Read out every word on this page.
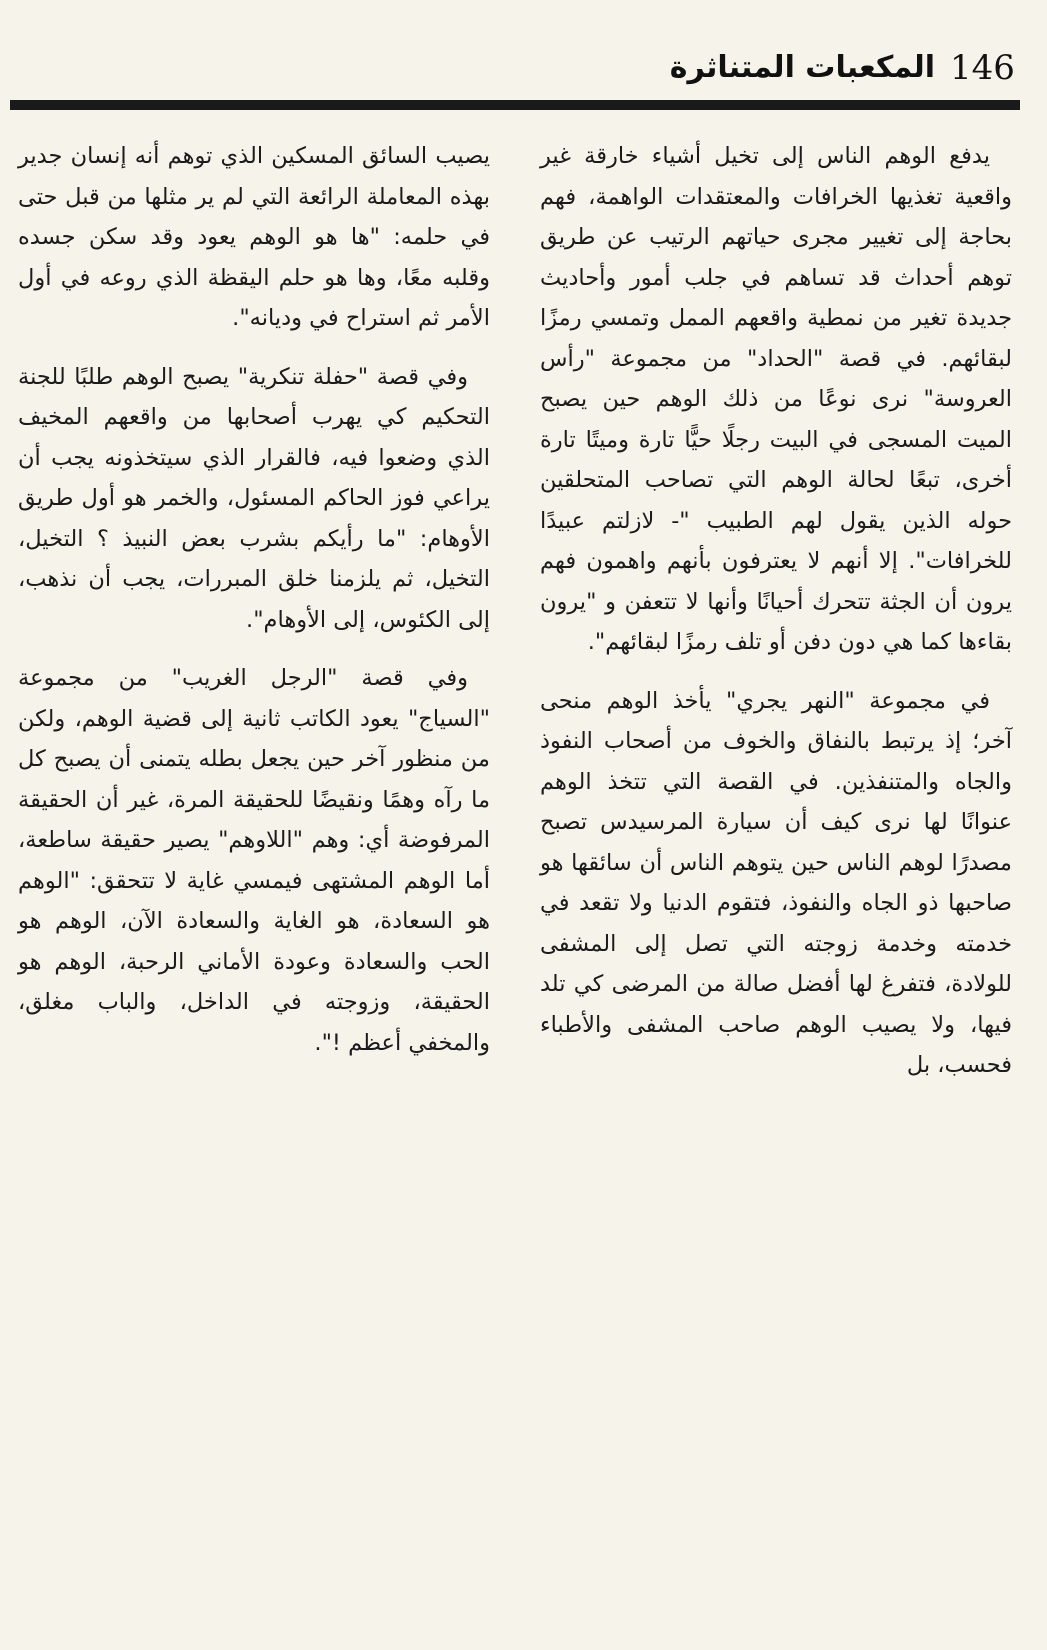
146
المكعبات المتناثرة

يدفع الوهم الناس إلى تخيل أشياء خارقة غير واقعية تغذيها الخرافات والمعتقدات الواهمة، فهم بحاجة إلى تغيير مجرى حياتهم الرتيب عن طريق توهم أحداث قد تساهم في جلب أمور وأحاديث جديدة تغير من نمطية واقعهم الممل وتمسي رمزًا لبقائهم. في قصة "الحداد" من مجموعة "رأس العروسة" نرى نوعًا من ذلك الوهم حين يصبح الميت المسجى في البيت رجلًا حيًّا تارة وميتًا تارة أخرى، تبعًا لحالة الوهم التي تصاحب المتحلقين حوله الذين يقول لهم الطبيب "- لازلتم عبيدًا للخرافات". إلا أنهم لا يعترفون بأنهم واهمون فهم يرون أن الجثة تتحرك أحيانًا وأنها لا تتعفن و "يرون بقاءها كما هي دون دفن أو تلف رمزًا لبقائهم".

في مجموعة "النهر يجري" يأخذ الوهم منحى آخر؛ إذ يرتبط بالنفاق والخوف من أصحاب النفوذ والجاه والمتنفذين. في القصة التي تتخذ الوهم عنوانًا لها نرى كيف أن سيارة المرسيدس تصبح مصدرًا لوهم الناس حين يتوهم الناس أن سائقها هو صاحبها ذو الجاه والنفوذ، فتقوم الدنيا ولا تقعد في خدمته وخدمة زوجته التي تصل إلى المشفى للولادة، فتفرغ لها أفضل صالة من المرضى كي تلد فيها، ولا يصيب الوهم صاحب المشفى والأطباء فحسب، بل

يصيب السائق المسكين الذي توهم أنه إنسان جدير بهذه المعاملة الرائعة التي لم ير مثلها من قبل حتى في حلمه: "ها هو الوهم يعود وقد سكن جسده وقلبه معًا، وها هو حلم اليقظة الذي روعه في أول الأمر ثم استراح في وديانه".

وفي قصة "حفلة تنكرية" يصبح الوهم طلبًا للجنة التحكيم كي يهرب أصحابها من واقعهم المخيف الذي وضعوا فيه، فالقرار الذي سيتخذونه يجب أن يراعي فوز الحاكم المسئول، والخمر هو أول طريق الأوهام: "ما رأيكم بشرب بعض النبيذ ؟ التخيل، التخيل، ثم يلزمنا خلق المبررات، يجب أن نذهب، إلى الكئوس، إلى الأوهام".

وفي قصة "الرجل الغريب" من مجموعة "السياج" يعود الكاتب ثانية إلى قضية الوهم، ولكن من منظور آخر حين يجعل بطله يتمنى أن يصبح كل ما رآه وهمًا ونقيضًا للحقيقة المرة، غير أن الحقيقة المرفوضة أي: وهم "اللاوهم" يصير حقيقة ساطعة، أما الوهم المشتهى فيمسي غاية لا تتحقق: "الوهم هو السعادة، هو الغاية والسعادة الآن، الوهم هو الحب والسعادة وعودة الأماني الرحبة، الوهم هو الحقيقة، وزوجته في الداخل، والباب مغلق، والمخفي أعظم !".
